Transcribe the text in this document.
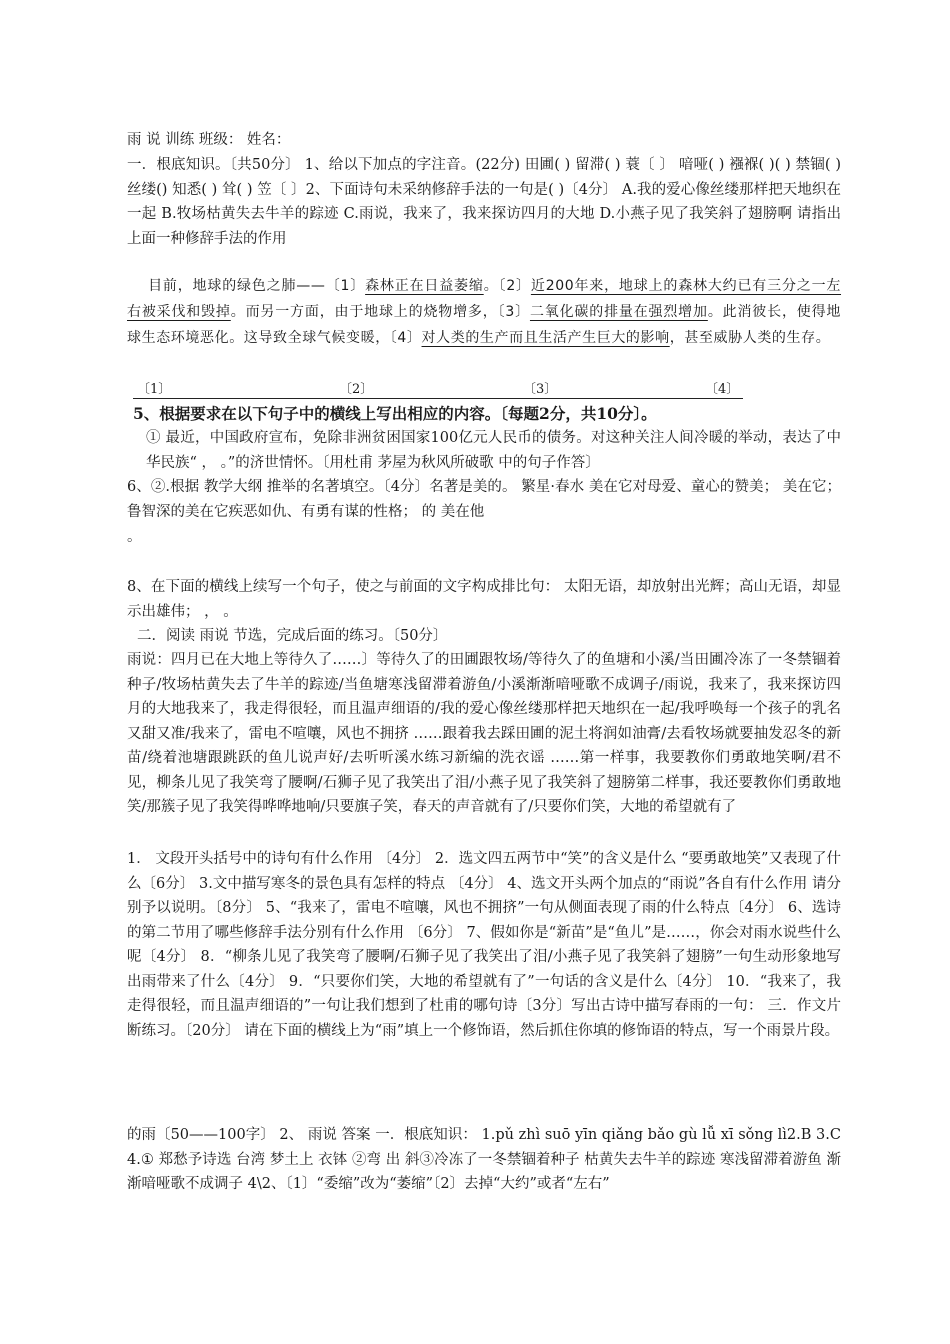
雨 说 训练 班级： 姓名：
一．根底知识。〔共50分〕 1、给以下加点的字注音。(22分) 田圃( ) 留滞( ) 蓑〔 〕 喑哑( ) 襁褓( )( ) 禁锢( ) 丝缕() 知悉( ) 耸( ) 笠〔 〕2、下面诗句未采纳修辞手法的一句是( )〔4分〕 A.我的爱心像丝缕那样把天地织在一起 B.牧场枯黄失去牛羊的踪迹 C.雨说，我来了，我来探访四月的大地 D.小燕子见了我笑斜了翅膀啊 请指出上面一种修辞手法的作用
目前，地球的绿色之肺——〔1〕森林正在日益萎缩。〔2〕近200年来，地球上的森林大约已有三分之一左右被采伐和毁掉。而另一方面，由于地球上的烧物增多，〔3〕二氧化碳的排量在强烈增加。此消彼长，使得地球生态环境恶化。这导致全球气候变暖，〔4〕对人类的生产而且生活产生巨大的影响，甚至威胁人类的生存。
〔1〕	〔2〕	〔3〕	〔4〕
5、根据要求在以下句子中的横线上写出相应的内容。〔每题2分，共10分〕。
① 最近，中国政府宣布，免除非洲贫困国家100亿元人民币的债务。对这种关注人间冷暖的举动，表达了中华民族“ ， 。”的济世情怀。〔用杜甫 茅屋为秋风所破歌 中的句子作答〕
6、②.根据 教学大纲 推举的名著填空。〔4分〕名著是美的。 繁星·春水 美在它对母爱、童心的赞美； 美在它；鲁智深的美在它疾恶如仇、有勇有谋的性格； 的 美在他
。
8、在下面的横线上续写一个句子，使之与前面的文字构成排比句： 太阳无语，却放射出光辉；高山无语，却显示出雄伟； ， 。
二．阅读 雨说 节选，完成后面的练习。〔50分〕
雨说：四月已在大地上等待久了……〕等待久了的田圃跟牧场/等待久了的鱼塘和小溪/当田圃冷冻了一冬禁锢着种子/牧场枯黄失去了牛羊的踪迹/当鱼塘寒浅留滞着游鱼/小溪渐渐喑哑歌不成调子/雨说，我来了，我来探访四月的大地我来了，我走得很轻，而且温声细语的/我的爱心像丝缕那样把天地织在一起/我呼唤每一个孩子的乳名又甜又准/我来了，雷电不喧嚷，风也不拥挤 ……跟着我去踩田圃的泥土将润如油膏/去看牧场就要抽发忍冬的新苗/绕着池塘跟跳跃的鱼儿说声好/去听听溪水练习新编的洗衣谣 ……第一样事，我要教你们勇敢地笑啊/君不见，柳条儿见了我笑弯了腰啊/石狮子见了我笑出了泪/小燕子见了我笑斜了翅膀第二样事，我还要教你们勇敢地笑/那簇子见了我笑得哗哗地响/只要旗子笑，春天的声音就有了/只要你们笑，大地的希望就有了
1． 文段开头括号中的诗句有什么作用 〔4分〕 2．选文四五两节中“笑”的含义是什么 “要勇敢地笑”又表现了什么〔6分〕 3.文中描写寒冬的景色具有怎样的特点 〔4分〕 4、选文开头两个加点的“雨说”各自有什么作用 请分别予以说明。〔8分〕 5、“我来了，雷电不喧嚷，风也不拥挤”一句从侧面表现了雨的什么特点〔4分〕 6、选诗的第二节用了哪些修辞手法分别有什么作用 〔6分〕 7、假如你是“新苗”是“鱼儿”是……，你会对雨水说些什么呢〔4分〕 8．“柳条儿见了我笑弯了腰啊/石狮子见了我笑出了泪/小燕子见了我笑斜了翅膀”一句生动形象地写出雨带来了什么〔4分〕 9．“只要你们笑，大地的希望就有了”一句话的含义是什么〔4分〕 10．“我来了，我走得很轻，而且温声细语的”一句让我们想到了杜甫的哪句诗〔3分〕写出古诗中描写春雨的一句： 三．作文片断练习。〔20分〕 请在下面的横线上为“雨”填上一个修饰语，然后抓住你填的修饰语的特点，写一个雨景片段。
的雨〔50——100字〕 2、 雨说 答案 一．根底知识： 1.pǔ zhì suō yīn qiǎng bǎo gù lǚ xī sǒng lì2.B 3.C 4.① 郑愁予诗选 台湾 梦土上 衣钵 ②弯 出 斜③冷冻了一冬禁锢着种子 枯黄失去牛羊的踪迹 寒浅留滞着游鱼 渐渐喑哑歌不成调子 4\2、〔1〕“委缩”改为“萎缩”〔2〕去掉“大约”或者“左右”
